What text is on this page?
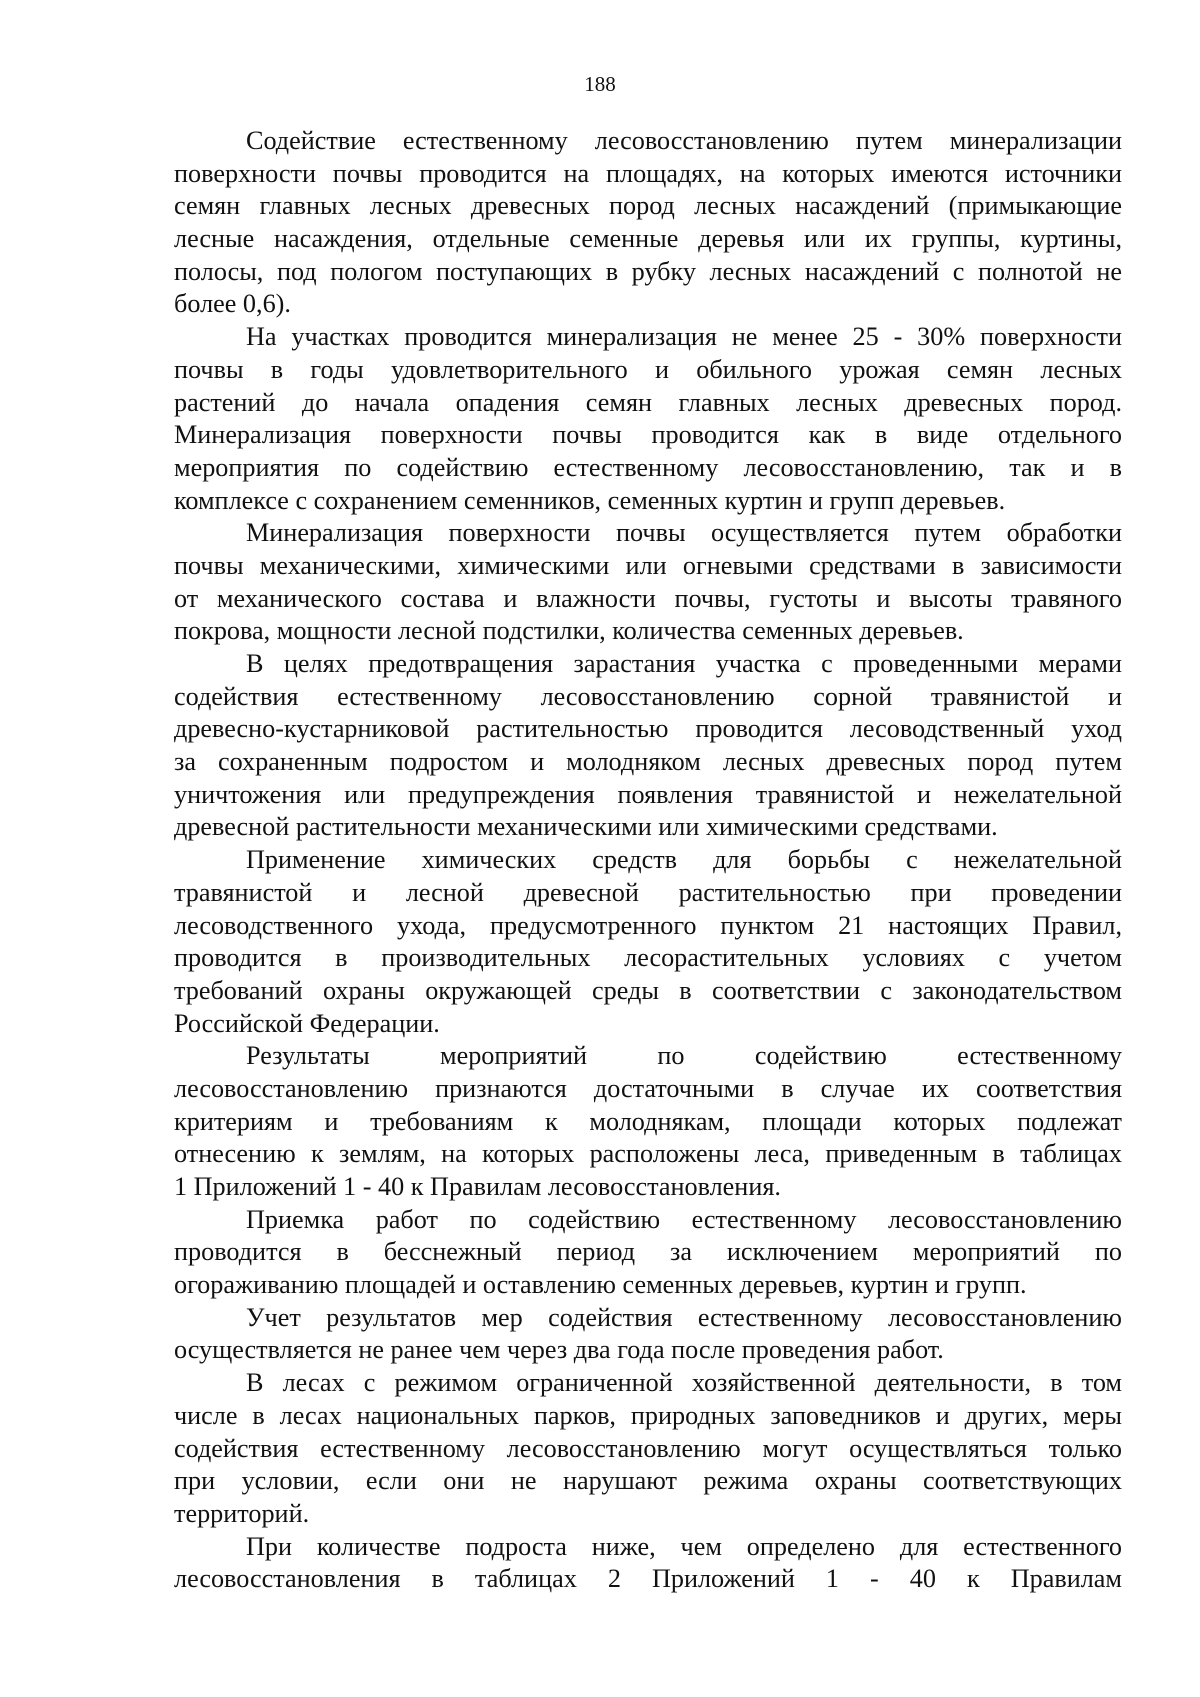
188
Содействие естественному лесовосстановлению путем минерализации
поверхности почвы проводится на площадях, на которых имеются источники
семян главных лесных древесных пород лесных насаждений (примыкающие
лесные насаждения, отдельные семенные деревья или их группы, куртины,
полосы, под пологом поступающих в рубку лесных насаждений с полнотой не
более 0,6).
На участках проводится минерализация не менее 25 - 30% поверхности
почвы в годы удовлетворительного и обильного урожая семян лесных
растений до начала опадения семян главных лесных древесных пород.
Минерализация поверхности почвы проводится как в виде отдельного
мероприятия по содействию естественному лесовосстановлению, так и в
комплексе с сохранением семенников, семенных куртин и групп деревьев.
Минерализация поверхности почвы осуществляется путем обработки
почвы механическими, химическими или огневыми средствами в зависимости
от механического состава и влажности почвы, густоты и высоты травяного
покрова, мощности лесной подстилки, количества семенных деревьев.
В целях предотвращения зарастания участка с проведенными мерами
содействия естественному лесовосстановлению сорной травянистой и
древесно-кустарниковой растительностью проводится лесоводственный уход
за сохраненным подростом и молодняком лесных древесных пород путем
уничтожения или предупреждения появления травянистой и нежелательной
древесной растительности механическими или химическими средствами.
Применение химических средств для борьбы с нежелательной
травянистой и лесной древесной растительностью при проведении
лесоводственного ухода, предусмотренного пунктом 21 настоящих Правил,
проводится в производительных лесорастительных условиях с учетом
требований охраны окружающей среды в соответствии с законодательством
Российской Федерации.
Результаты мероприятий по содействию естественному
лесовосстановлению признаются достаточными в случае их соответствия
критериям и требованиям к молоднякам, площади которых подлежат
отнесению к землям, на которых расположены леса, приведенным в таблицах
1 Приложений 1 - 40 к Правилам лесовосстановления.
Приемка работ по содействию естественному лесовосстановлению
проводится в бесснежный период за исключением мероприятий по
огораживанию площадей и оставлению семенных деревьев, куртин и групп.
Учет результатов мер содействия естественному лесовосстановлению
осуществляется не ранее чем через два года после проведения работ.
В лесах с режимом ограниченной хозяйственной деятельности, в том
числе в лесах национальных парков, природных заповедников и других, меры
содействия естественному лесовосстановлению могут осуществляться только
при условии, если они не нарушают режима охраны соответствующих
территорий.
При количестве подроста ниже, чем определено для естественного
лесовосстановления в таблицах 2 Приложений 1 - 40 к Правилам
